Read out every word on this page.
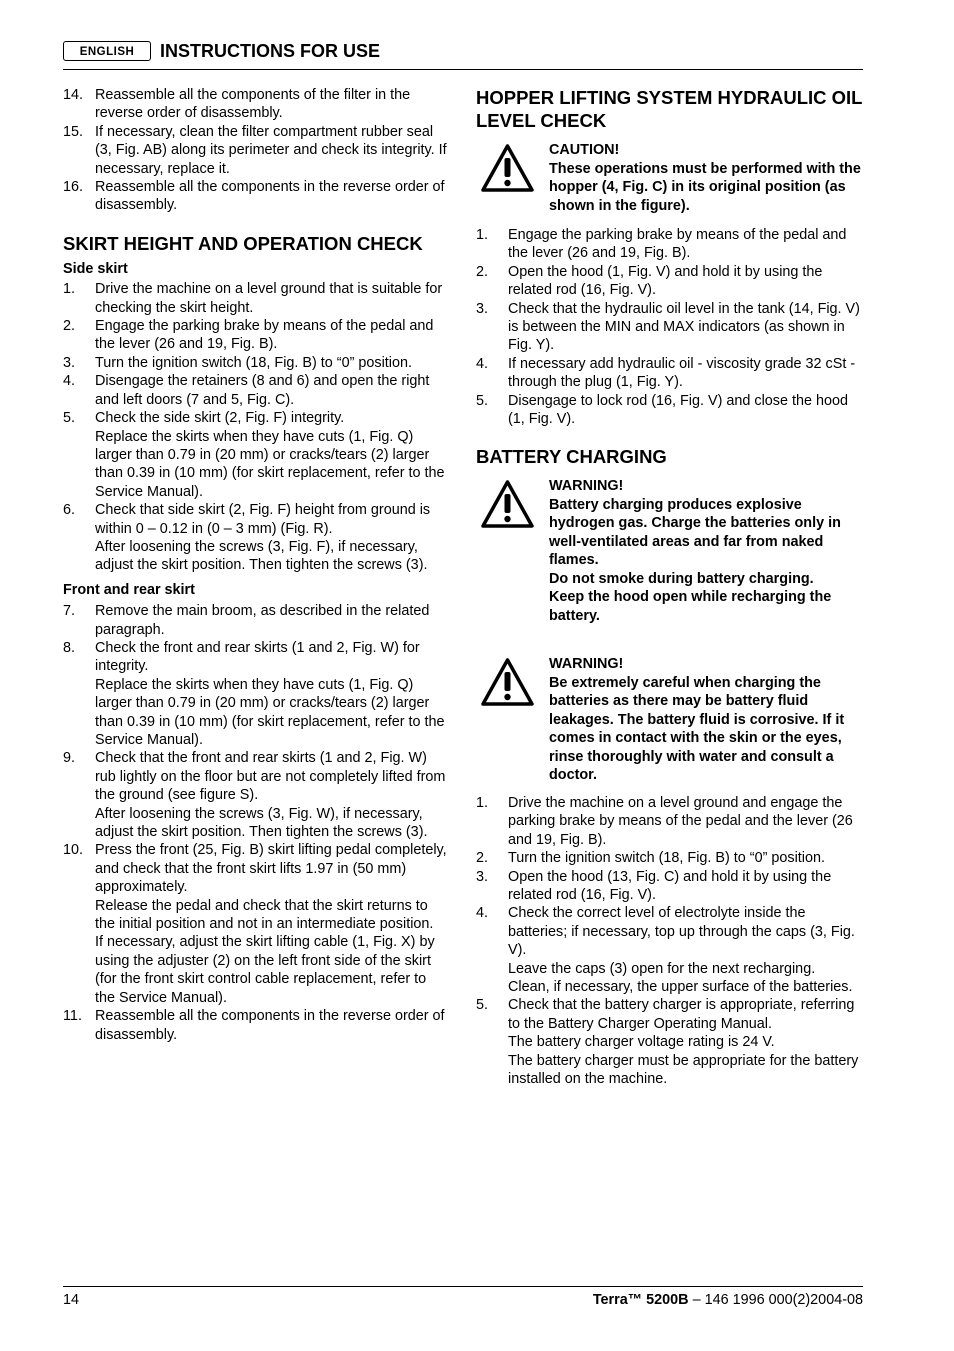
ENGLISH	INSTRUCTIONS FOR USE
14. Reassemble all the components of the filter in the reverse order of disassembly.
15. If necessary, clean the filter compartment rubber seal (3, Fig. AB) along its perimeter and check its integrity. If necessary, replace it.
16. Reassemble all the components in the reverse order of disassembly.
SKIRT HEIGHT AND OPERATION CHECK
Side skirt
1. Drive the machine on a level ground that is suitable for checking the skirt height.
2. Engage the parking brake by means of the pedal and the lever (26 and 19, Fig. B).
3. Turn the ignition switch (18, Fig. B) to “0” position.
4. Disengage the retainers (8 and 6) and open the right and left doors (7 and 5, Fig. C).
5. Check the side skirt (2, Fig. F) integrity.
Replace the skirts when they have cuts (1, Fig. Q) larger than 0.79 in (20 mm) or cracks/tears (2) larger than 0.39 in (10 mm) (for skirt replacement, refer to the Service Manual).
6. Check that side skirt (2, Fig. F) height from ground is within 0 – 0.12 in (0 – 3 mm) (Fig. R).
After loosening the screws (3, Fig. F), if necessary, adjust the skirt position. Then tighten the screws (3).
Front and rear skirt
7. Remove the main broom, as described in the related paragraph.
8. Check the front and rear skirts (1 and 2, Fig. W) for integrity.
Replace the skirts when they have cuts (1, Fig. Q) larger than 0.79 in (20 mm) or cracks/tears (2) larger than 0.39 in (10 mm) (for skirt replacement, refer to the Service Manual).
9. Check that the front and rear skirts (1 and 2, Fig. W) rub lightly on the floor but are not completely lifted from the ground (see figure S).
After loosening the screws (3, Fig. W), if necessary, adjust the skirt position. Then tighten the screws (3).
10. Press the front (25, Fig. B) skirt lifting pedal completely, and check that the front skirt lifts 1.97 in (50 mm) approximately.
Release the pedal and check that the skirt returns to the initial position and not in an intermediate position.
If necessary, adjust the skirt lifting cable (1, Fig. X) by using the adjuster (2) on the left front side of the skirt (for the front skirt control cable replacement, refer to the Service Manual).
11. Reassemble all the components in the reverse order of disassembly.
HOPPER LIFTING SYSTEM HYDRAULIC OIL LEVEL CHECK
CAUTION!
These operations must be performed with the hopper (4, Fig. C) in its original position (as shown in the figure).
1. Engage the parking brake by means of the pedal and the lever (26 and 19, Fig. B).
2. Open the hood (1, Fig. V) and hold it by using the related rod (16, Fig. V).
3. Check that the hydraulic oil level in the tank (14, Fig. V) is between the MIN and MAX indicators (as shown in Fig. Y).
4. If necessary add hydraulic oil - viscosity grade 32 cSt - through the plug (1, Fig. Y).
5. Disengage to lock rod (16, Fig. V) and close the hood (1, Fig. V).
BATTERY CHARGING
WARNING!
Battery charging produces explosive hydrogen gas. Charge the batteries only in well-ventilated areas and far from naked flames.
Do not smoke during battery charging.
Keep the hood open while recharging the battery.
WARNING!
Be extremely careful when charging the batteries as there may be battery fluid leakages. The battery fluid is corrosive. If it comes in contact with the skin or the eyes, rinse thoroughly with water and consult a doctor.
1. Drive the machine on a level ground and engage the parking brake by means of the pedal and the lever (26 and 19, Fig. B).
2. Turn the ignition switch (18, Fig. B) to “0” position.
3. Open the hood (13, Fig. C) and hold it by using the related rod (16, Fig. V).
4. Check the correct level of electrolyte inside the batteries; if necessary, top up through the caps (3, Fig. V).
Leave the caps (3) open for the next recharging.
Clean, if necessary, the upper surface of the batteries.
5. Check that the battery charger is appropriate, referring to the Battery Charger Operating Manual.
The battery charger voltage rating is 24 V.
The battery charger must be appropriate for the battery installed on the machine.
14	Terra™ 5200B – 146 1996 000(2)2004-08
